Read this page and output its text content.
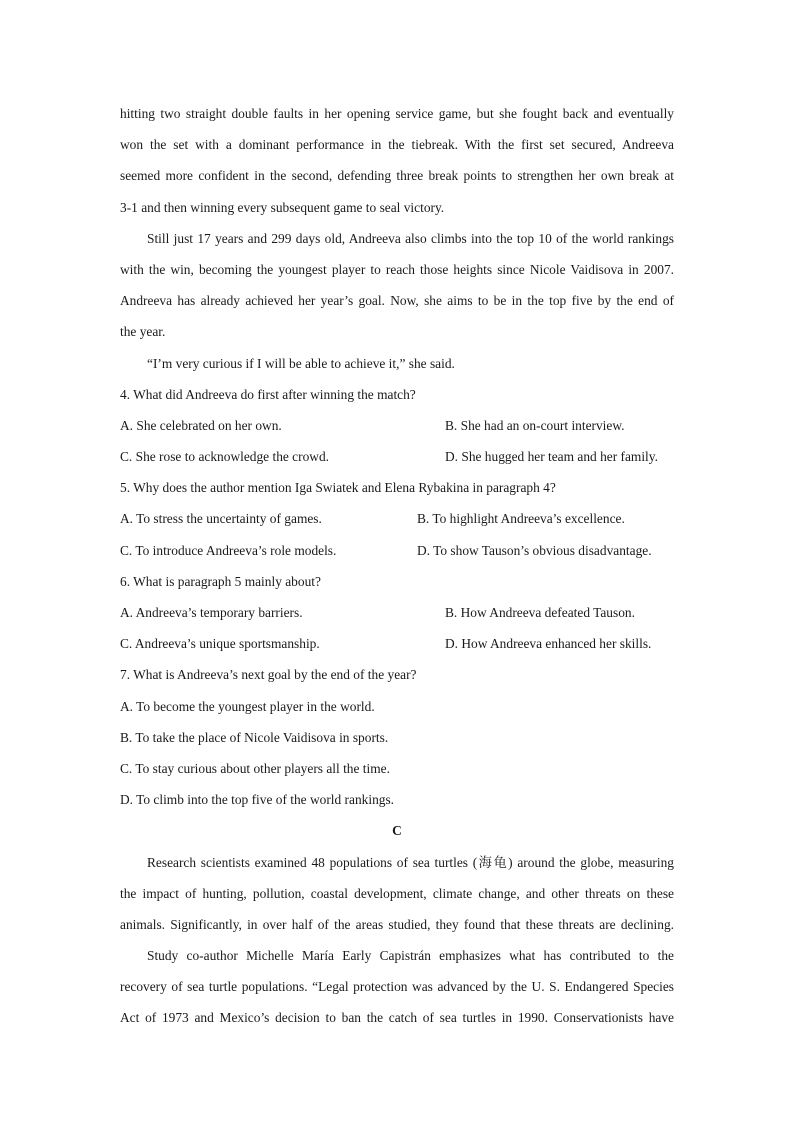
hitting two straight double faults in her opening service game, but she fought back and eventually
won the set with a dominant performance in the tiebreak. With the first set secured, Andreeva
seemed more confident in the second, defending three break points to strengthen her own break at
3-1 and then winning every subsequent game to seal victory.
Still just 17 years and 299 days old, Andreeva also climbs into the top 10 of the world rankings
with the win, becoming the youngest player to reach those heights since Nicole Vaidisova in 2007.
Andreeva has already achieved her year’s goal. Now, she aims to be in the top five by the end of
the year.
“I’m very curious if I will be able to achieve it,” she said.
4. What did Andreeva do first after winning the match?
A. She celebrated on her own.	B. She had an on-court interview.
C. She rose to acknowledge the crowd.	D. She hugged her team and her family.
5. Why does the author mention Iga Swiatek and Elena Rybakina in paragraph 4?
A. To stress the uncertainty of games.	B. To highlight Andreeva’s excellence.
C. To introduce Andreeva’s role models.	D. To show Tauson’s obvious disadvantage.
6. What is paragraph 5 mainly about?
A. Andreeva’s temporary barriers.	B. How Andreeva defeated Tauson.
C. Andreeva’s unique sportsmanship.	D. How Andreeva enhanced her skills.
7. What is Andreeva’s next goal by the end of the year?
A. To become the youngest player in the world.
B. To take the place of Nicole Vaidisova in sports.
C. To stay curious about other players all the time.
D. To climb into the top five of the world rankings.
C
Research scientists examined 48 populations of sea turtles (海龟) around the globe, measuring
the impact of hunting, pollution, coastal development, climate change, and other threats on these
animals. Significantly, in over half of the areas studied, they found that these threats are declining.
Study co-author Michelle María Early Capistrán emphasizes what has contributed to the
recovery of sea turtle populations. “Legal protection was advanced by the U. S. Endangered Species
Act of 1973 and Mexico’s decision to ban the catch of sea turtles in 1990. Conservationists have
